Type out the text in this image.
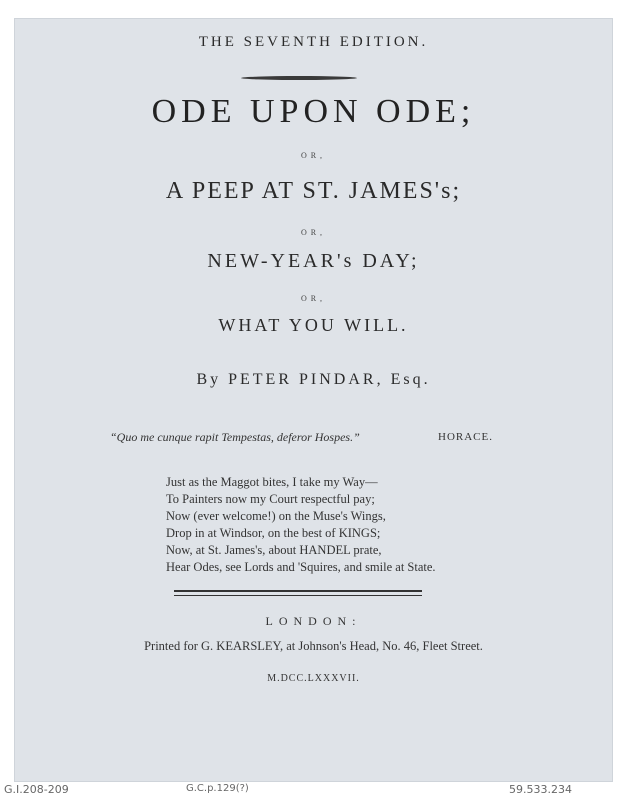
THE SEVENTH EDITION.
ODE UPON ODE;
OR,
A PEEP AT ST. JAMES's;
OR,
NEW-YEAR's DAY;
OR,
WHAT YOU WILL.
By PETER PINDAR, Esq.
“Quo me cunque rapit Tempestas, deferor Hospes.”	HORACE.
Just as the Maggot bites, I take my Way—
To Painters now my Court respectful pay;
Now (ever welcome!) on the Muse's Wings,
Drop in at Windsor, on the best of KINGS;
Now, at St. James's, about HANDEL prate,
Hear Odes, see Lords and 'Squires, and smile at State.
LONDON:
Printed for G. KEARSLEY, at Johnson's Head, No. 46, Fleet Street.
M.DCC.LXXXVII.
G.I.208-209	G.C.p.129(?)	59.533.234
